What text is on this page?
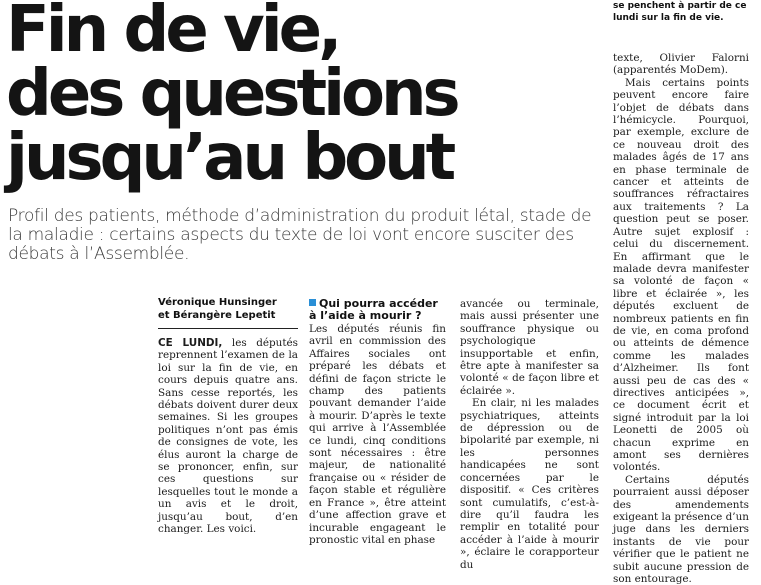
se penchent à partir de ce lundi sur la fin de vie.
Fin de vie,
des questions
jusqu’au bout

Profil des patients, méthode d’administration du produit létal, stade de la maladie : certains aspects du texte de loi vont encore susciter des débats à l’Assemblée.

Véronique Hunsinger
et Bérangère Lepetit

CE LUNDI, les députés reprennent l’examen de la loi sur la fin de vie, en cours depuis quatre ans. Sans cesse reportés, les débats doivent durer deux semaines. Si les groupes politiques n’ont pas émis de consignes de vote, les élus auront la charge de se prononcer, enfin, sur ces questions sur lesquelles tout le monde a un avis et le droit, jusqu’au bout, d’en changer. Les voici.

Qui pourra accéder
à l’aide à mourir ?

Les députés réunis fin avril en commission des Affaires sociales ont préparé les débats et défini de façon stricte le champ des patients pouvant demander l’aide à mourir. D’après le texte qui arrive à l’Assemblée ce lundi, cinq conditions sont nécessaires : être majeur, de nationalité française ou « résider de façon stable et régulière en France », être atteint d’une affection grave et incurable engageant le pronostic vital en phase

avancée ou terminale, mais aussi présenter une souffrance physique ou psychologique insupportable et enfin, être apte à manifester sa volonté « de façon libre et éclairée ».

En clair, ni les malades psychiatriques, atteints de dépression ou de bipolarité par exemple, ni les personnes handicapées ne sont concernées par le dispositif. « Ces critères sont cumulatifs, c’est-à-dire qu’il faudra les remplir en totalité pour accéder à l’aide à mourir », éclaire le corapporteur du

texte, Olivier Falorni (apparentés MoDem).

Mais certains points peuvent encore faire l’objet de débats dans l’hémicycle. Pourquoi, par exemple, exclure de ce nouveau droit des malades âgés de 17 ans en phase terminale de cancer et atteints de souffrances réfractaires aux traitements ? La question peut se poser. Autre sujet explosif : celui du discernement. En affirmant que le malade devra manifester sa volonté de façon « libre et éclairée », les députés excluent de nombreux patients en fin de vie, en coma profond ou atteints de démence comme les malades d’Alzheimer. Ils font aussi peu de cas des « directives anticipées », ce document écrit et signé introduit par la loi Leonetti de 2005 où chacun exprime en amont ses dernières volontés.

Certains députés pourraient aussi déposer des amendements exigeant la présence d’un juge dans les derniers instants de vie pour vérifier que le patient ne subit aucune pression de son entourage.
